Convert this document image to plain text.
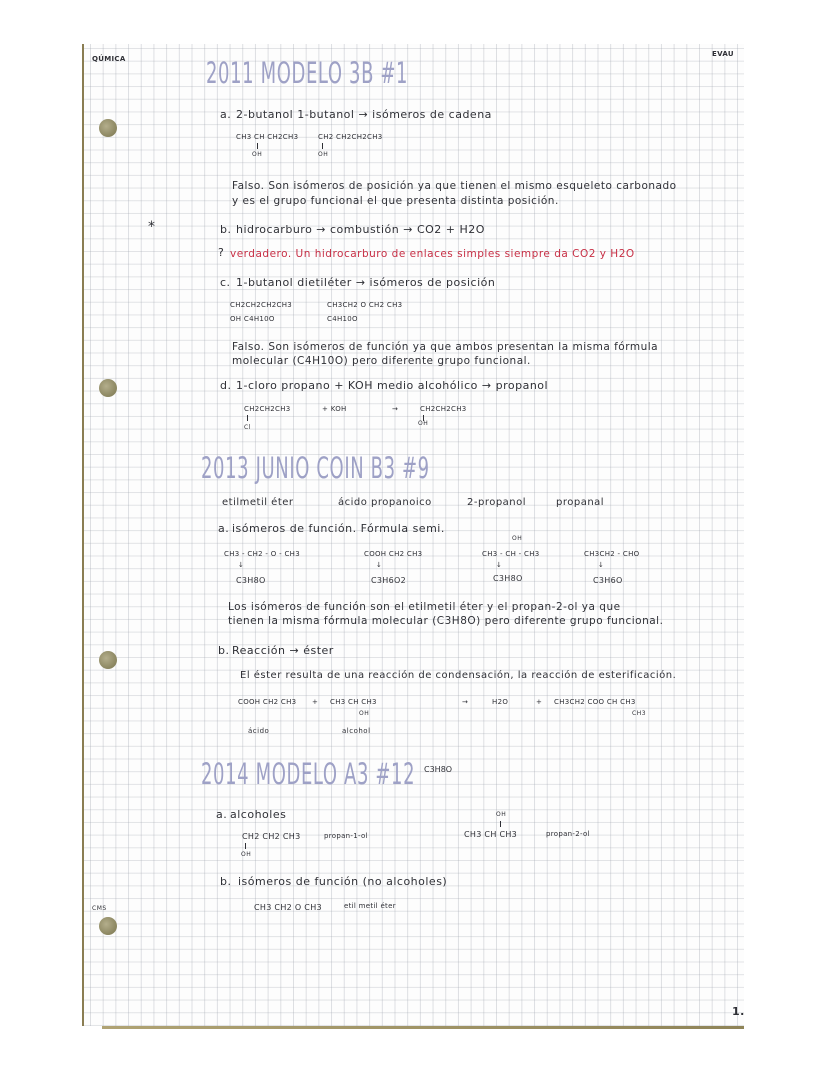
QÚMICA
EVAU
2011 MODELO 3B #1
a. 2-butanol 1-butanol → isómeros de cadena
CH3 CH CH2CH3
OH
CH2 CH2CH2CH3
OH
Falso. Son isómeros de posición ya que tienen el mismo esqueleto carbonado
y es el grupo funcional el que presenta distinta posición.
*	b. hidrocarburo → combustión → CO2 + H2O
? verdadero. Un hidrocarburo de enlaces simples siempre da CO2 y H2O
c. 1-butanol dietiléter → isómeros de posición
CH2CH2CH2CH3
OH C4H10O
CH3CH2 O CH2 CH3
C4H10O
Falso. Son isómeros de función ya que ambos presentan la misma fórmula
molecular (C4H10O) pero diferente grupo funcional.
d. 1-cloro propano + KOH medio alcohólico → propanol
CH2CH2CH3
Cl
+ KOH	→	CH2CH2CH3
OH
2013 JUNIO COIN B3 #9
etilmetil éter	ácido propanoico	2-propanol	propanal
a. isómeros de función. Fórmula semi.
CH3 - CH2 - O - CH3
↓
C3H8O
COOH CH2 CH3
↓
C3H6O2
OH
CH3 - CH - CH3
↓
C3H8O
CH3CH2 - CHO
↓
C3H6O
Los isómeros de función son el etilmetil éter y el propan-2-ol ya que
tienen la misma fórmula molecular (C3H8O) pero diferente grupo funcional.
b. Reacción → éster
El éster resulta de una reacción de condensación, la reacción de esterificación.
COOH CH2 CH3 + CH3 CH CH3
OH
→	H2O	+ CH3CH2 COO CH CH3
CH3
ácido	alcohol
2014 MODELO A3 #12 C3H8O
a. alcoholes
CH2 CH2 CH3
OH
propan-1-ol
OH
CH3 CH CH3	propan-2-ol
b. isómeros de función (no alcoholes)
CH3 CH2 O CH3	etil metil éter
CMS
1.
